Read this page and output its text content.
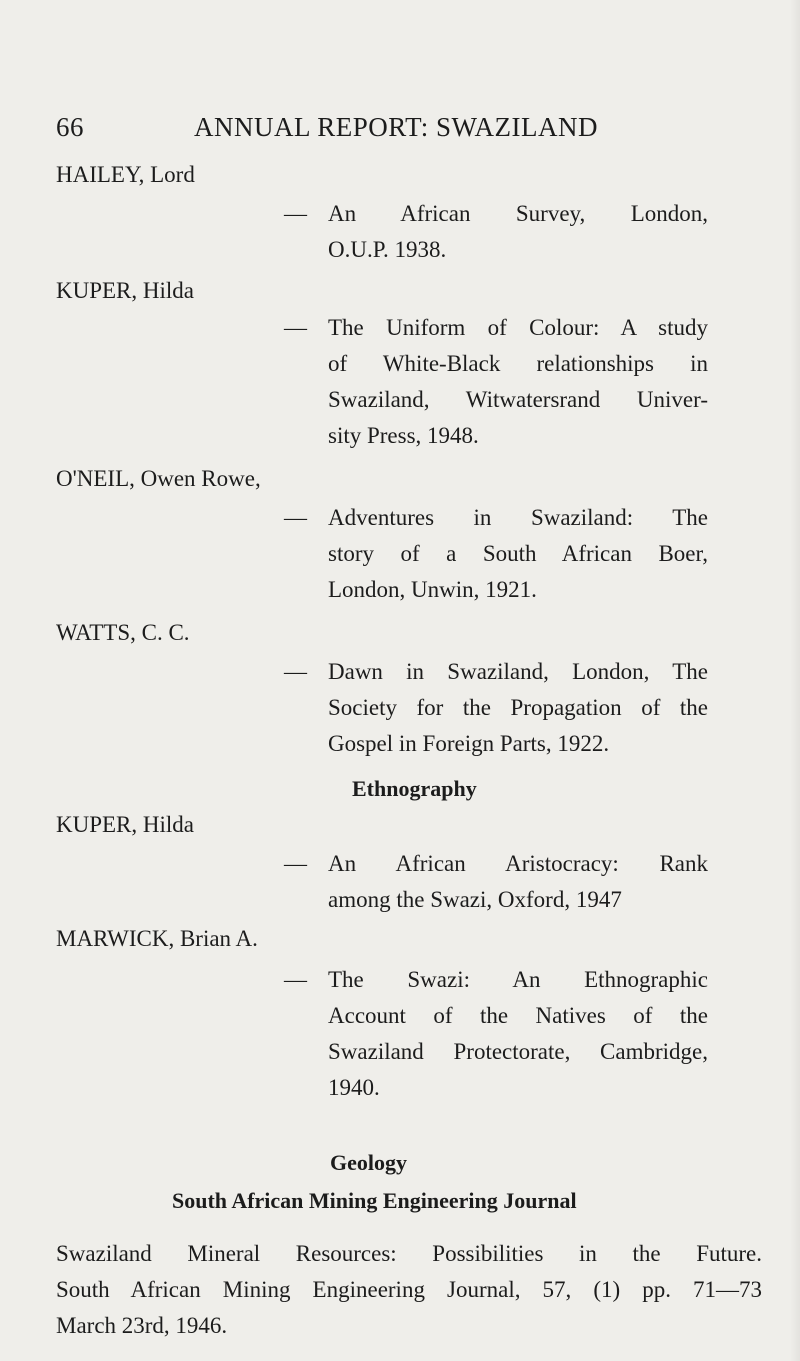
66	ANNUAL REPORT: SWAZILAND
HAILEY, Lord
— An African Survey, London,
O.U.P. 1938.
KUPER, Hilda
— The Uniform of Colour: A study
of White-Black relationships in
Swaziland, Witwatersrand Univer-
sity Press, 1948.
O'NEIL, Owen Rowe,
— Adventures in Swaziland: The
story of a South African Boer,
London, Unwin, 1921.
WATTS, C. C.
— Dawn in Swaziland, London, The
Society for the Propagation of the
Gospel in Foreign Parts, 1922.
Ethnography
KUPER, Hilda
— An African Aristocracy: Rank
among the Swazi, Oxford, 1947
MARWICK, Brian A.
— The Swazi: An Ethnographic
Account of the Natives of the
Swaziland Protectorate, Cambridge,
1940.
Geology
South African Mining Engineering Journal
Swaziland Mineral Resources: Possibilities in the Future.
South African Mining Engineering Journal, 57, (1) pp. 71—73
March 23rd, 1946.
